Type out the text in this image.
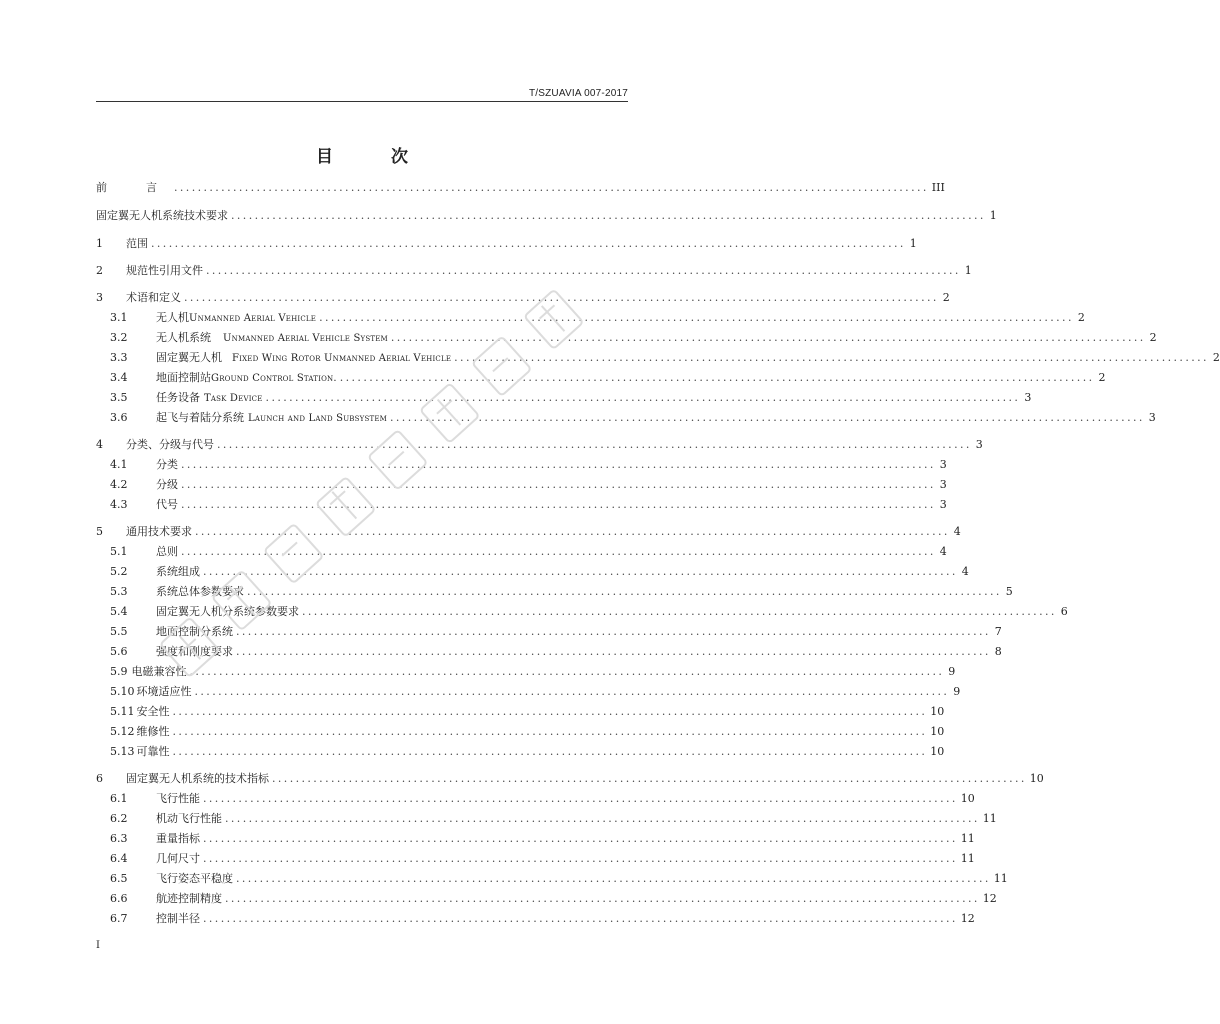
T/SZUAVIA 007-2017
目 次
前　言 ................................................................................................................................ III
固定翼无人机系统技术要求 ................................................................................................................................ 1
1	范围 ................................................................................................................................ 1
2	规范性引用文件 ................................................................................................................................ 1
3	术语和定义 ................................................................................................................................ 2
3.1	无人机 Unmanned Aerial Vehicle ................................................................................................................................ 2
3.2	无人机系统 Unmanned Aerial Vehicle System ................................................................................................................................ 2
3.3	固定翼无人机 Fixed Wing Rotor Unmanned Aerial Vehicle ................................................................................................................................ 2
3.4	地面控制站 Ground Control Station. ................................................................................................................................ 2
3.5	任务设备 Task Device ................................................................................................................................ 3
3.6	起飞与着陆分系统 Launch and Land Subsystem ................................................................................................................................ 3
4	分类、分级与代号 ................................................................................................................................ 3
4.1	分类 ................................................................................................................................ 3
4.2	分级 ................................................................................................................................ 3
4.3	代号 ................................................................................................................................ 3
5	通用技术要求 ................................................................................................................................ 4
5.1	总则 ................................................................................................................................ 4
5.2	系统组成 ................................................................................................................................ 4
5.3	系统总体参数要求 ................................................................................................................................ 5
5.4	固定翼无人机分系统参数要求 ................................................................................................................................ 6
5.5	地面控制分系统 ................................................................................................................................ 7
5.6	强度和刚度要求 ................................................................................................................................ 8
5.9 电磁兼容性 ................................................................................................................................ 9
5.10 环境适应性 ................................................................................................................................ 9
5.11 安全性 ................................................................................................................................ 10
5.12 维修性 ................................................................................................................................ 10
5.13 可靠性 ................................................................................................................................ 10
6	固定翼无人机系统的技术指标 ................................................................................................................................ 10
6.1	飞行性能 ................................................................................................................................ 10
6.2	机动飞行性能 ................................................................................................................................ 11
6.3	重量指标 ................................................................................................................................ 11
6.4	几何尺寸 ................................................................................................................................ 11
6.5	飞行姿态平稳度 ................................................................................................................................ 11
6.6	航迹控制精度 ................................................................................................................................ 12
6.7	控制半径 ................................................................................................................................ 12
I
